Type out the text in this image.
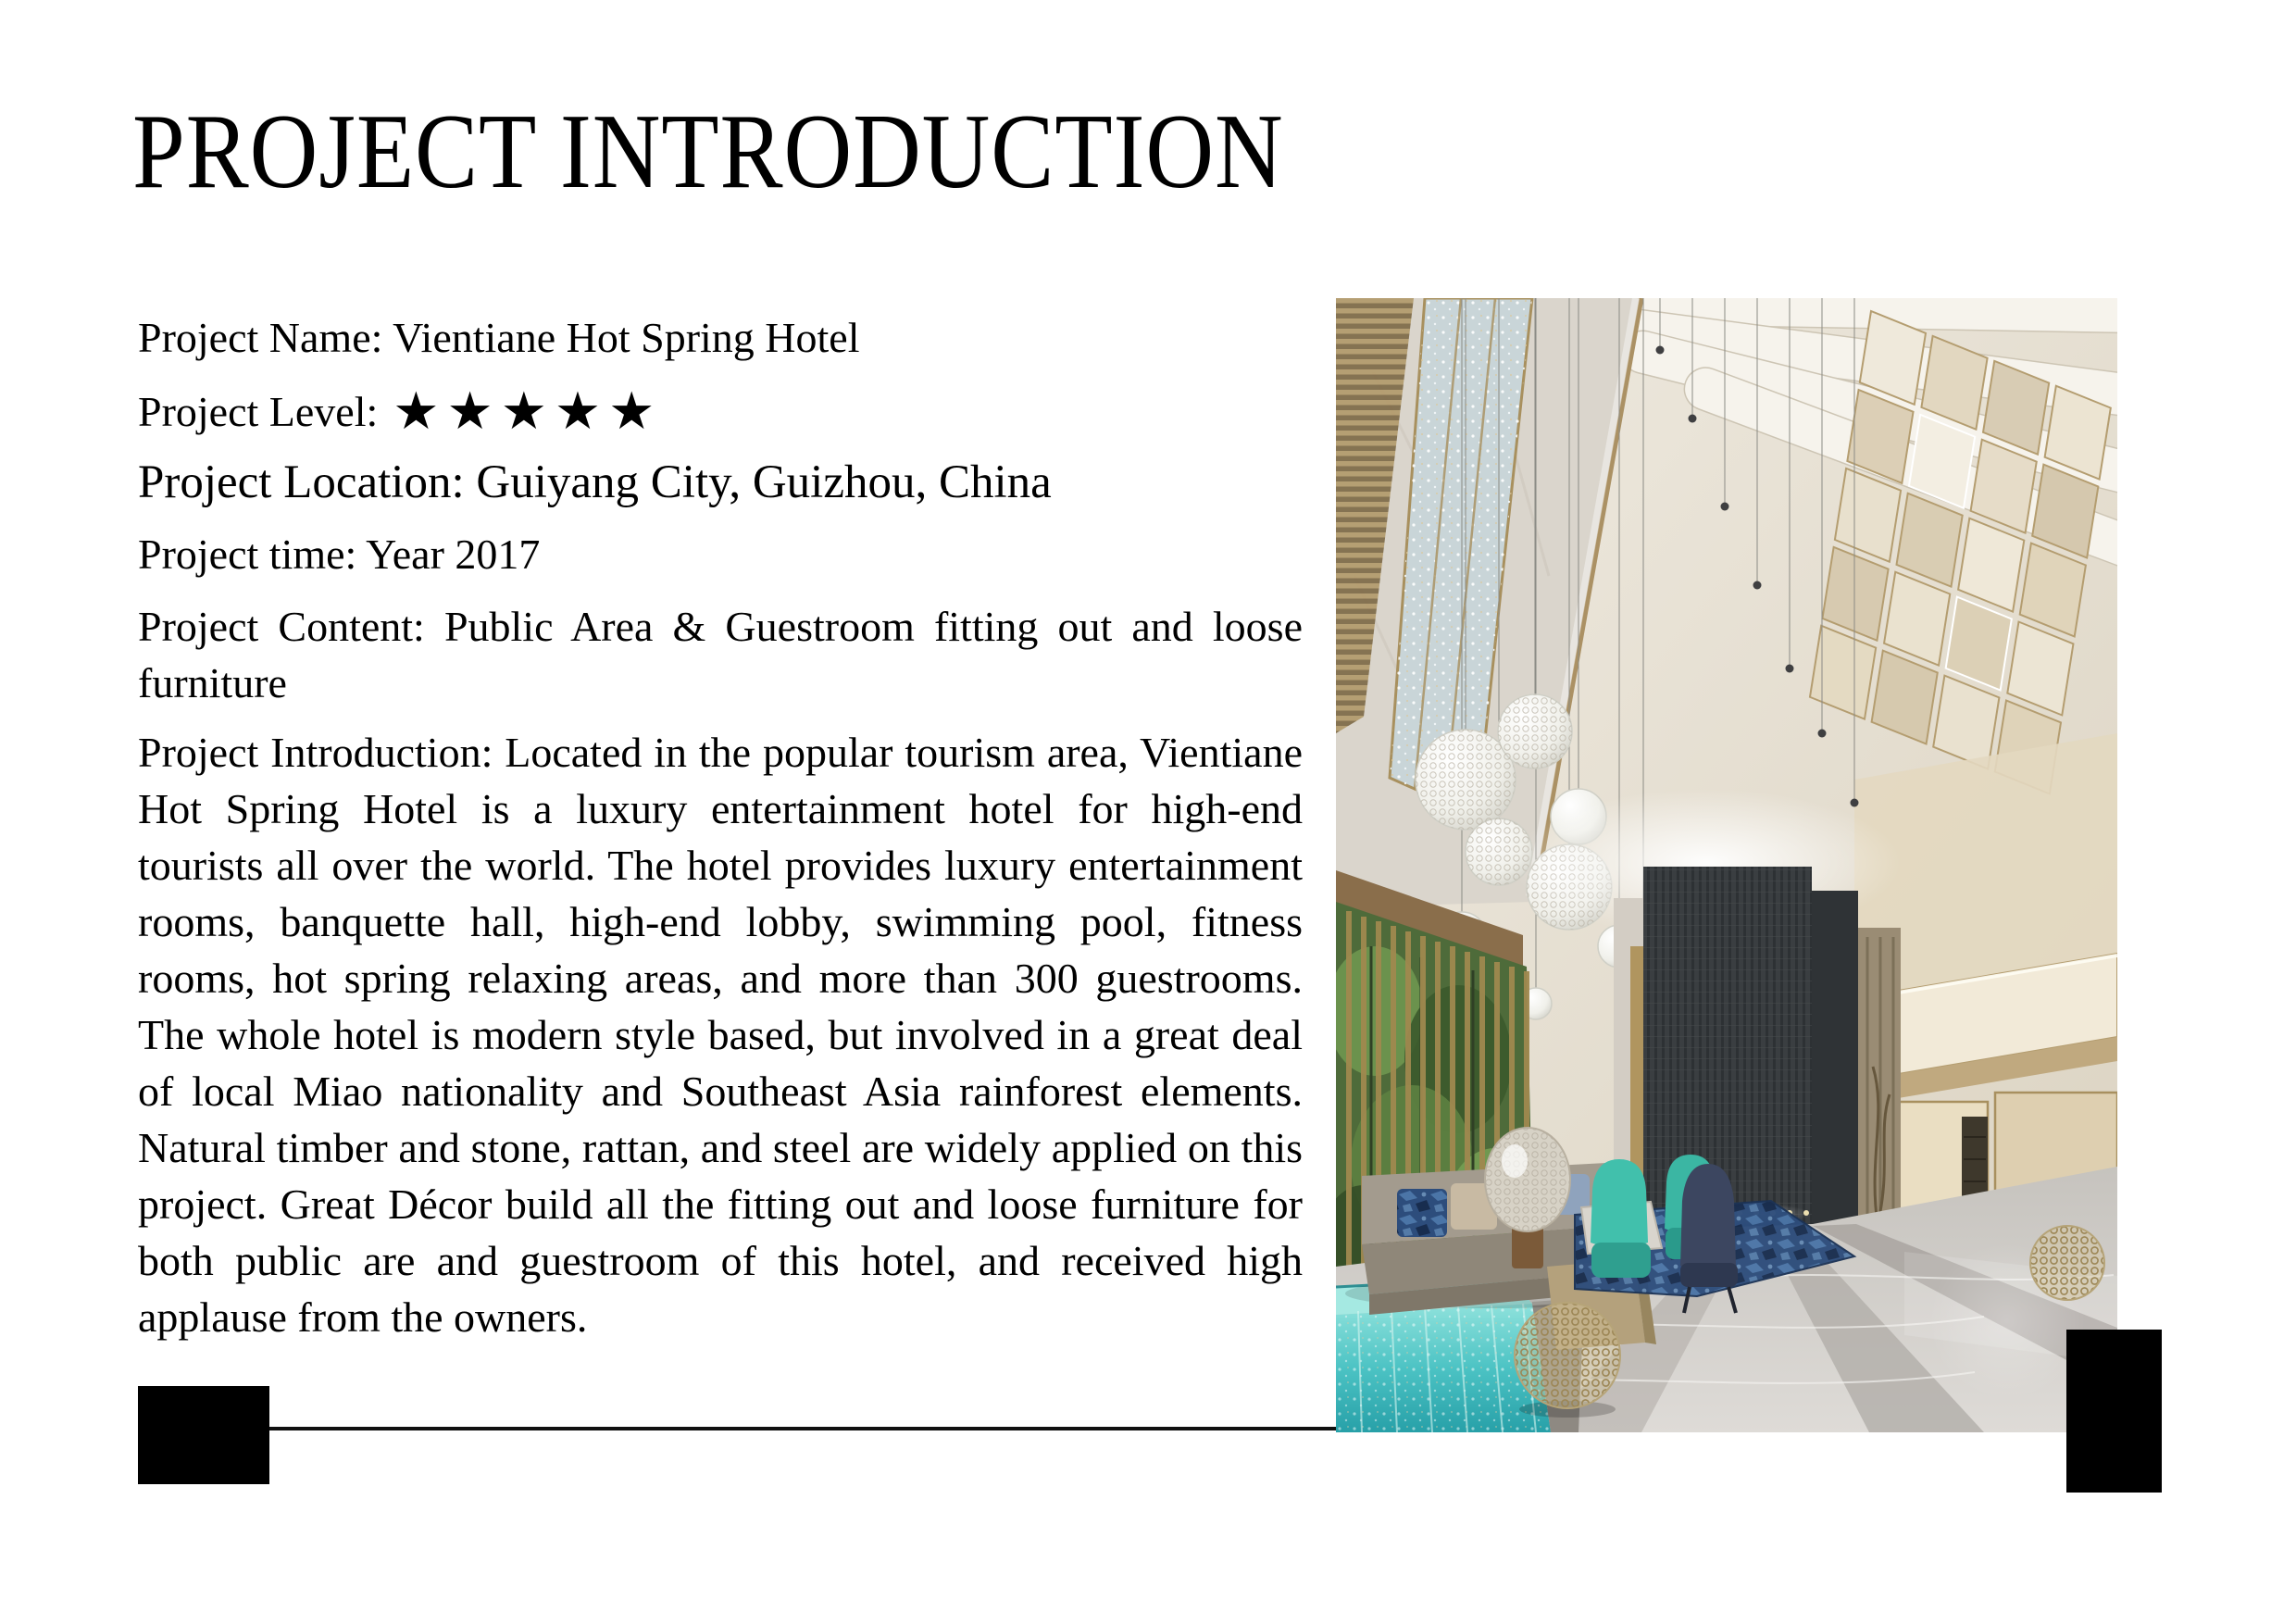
PROJECT INTRODUCTION

Project Name: Vientiane Hot Spring Hotel

Project Level: ★★★★★

Project Location: Guiyang City, Guizhou, China

Project time: Year 2017

Project Content: Public Area & Guestroom fitting out and loose furniture

Project Introduction: Located in the popular tourism area, Vientiane Hot Spring Hotel is a luxury entertainment hotel for high-end tourists all over the world. The hotel provides luxury entertainment rooms, banquette hall, high-end lobby, swimming pool, fitness rooms, hot spring relaxing areas, and more than 300 guestrooms. The whole hotel is modern style based, but involved in a great deal of local Miao nationality and Southeast Asia rainforest elements. Natural timber and stone, rattan, and steel are widely applied on this project. Great Décor build all the fitting out and loose furniture for both public are and guestroom of this hotel, and received high applause from the owners.
